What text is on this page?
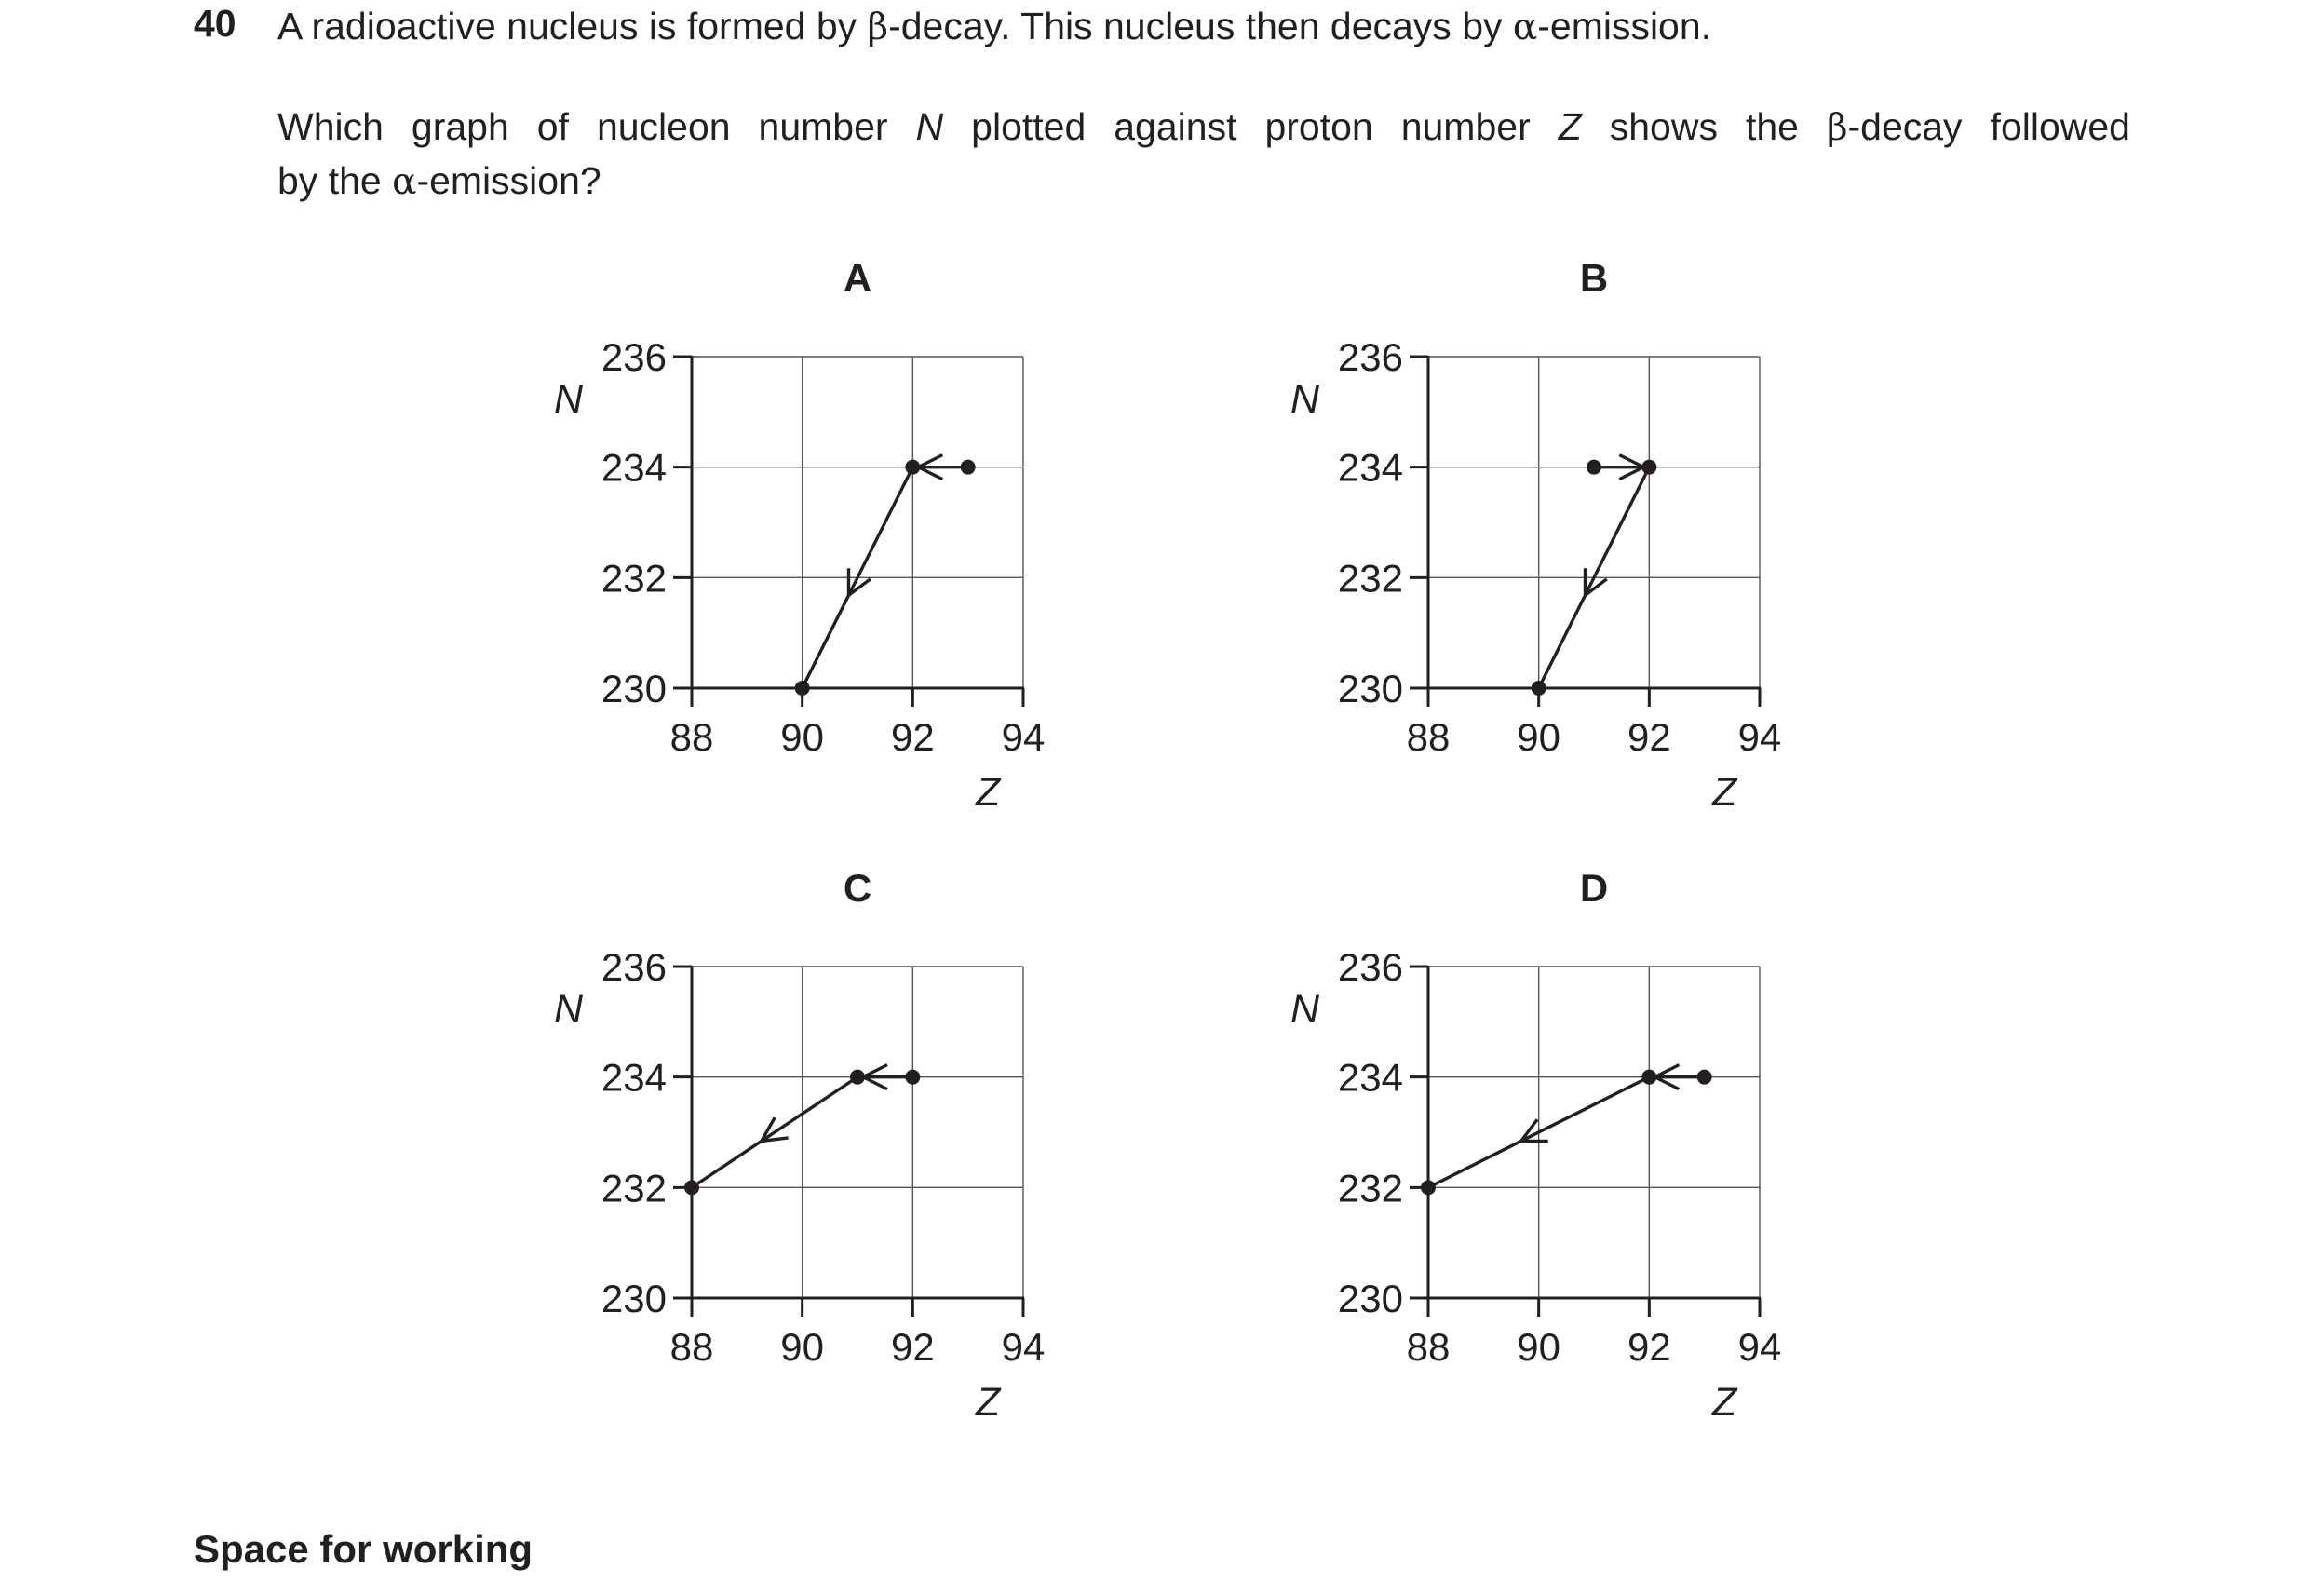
40 A radioactive nucleus is formed by β-decay. This nucleus then decays by α-emission.
Which graph of nucleon number N plotted against proton number Z shows the β-decay followed
by the α-emission?
A
230
232
234
236
88 90 92 94
N
Z
B
230
232
234
236
88 90 92 94
N
Z
C
230
232
234
236
88 90 92 94
N
Z
D
230
232
234
236
88 90 92 94
N
Z
Space for working
